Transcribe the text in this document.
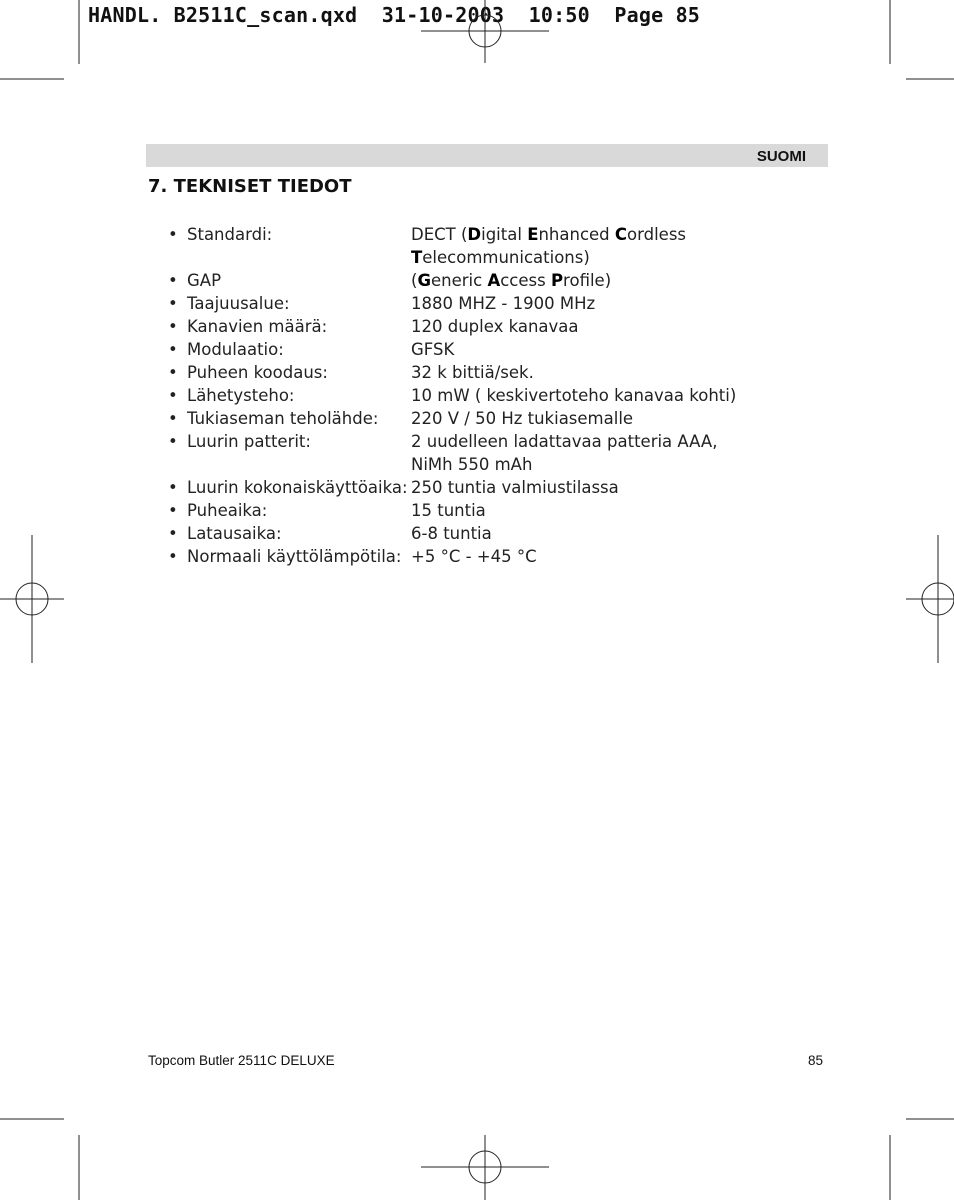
HANDL. B2511C_scan.qxd  31-10-2003  10:50  Page 85
SUOMI
7. TEKNISET TIEDOT
• Standardi:	DECT (Digital Enhanced Cordless
Telecommunications)
• GAP	(Generic Access Profile)
• Taajuusalue:	1880 MHZ - 1900 MHz
• Kanavien määrä:	120 duplex kanavaa
• Modulaatio:	GFSK
• Puheen koodaus:	32 k bittiä/sek.
• Lähetysteho:	10 mW ( keskivertoteho kanavaa kohti)
• Tukiaseman teholähde:	220 V / 50 Hz tukiasemalle
• Luurin patterit:	2 uudelleen ladattavaa patteria AAA, NiMh 550 mAh
• Luurin kokonaiskäyttöaika: 250 tuntia valmiustilassa
• Puheaika:	15 tuntia
• Latausaika:	6-8 tuntia
• Normaali käyttölämpötila: +5 °C - +45 °C
Topcom Butler 2511C DELUXE	85
